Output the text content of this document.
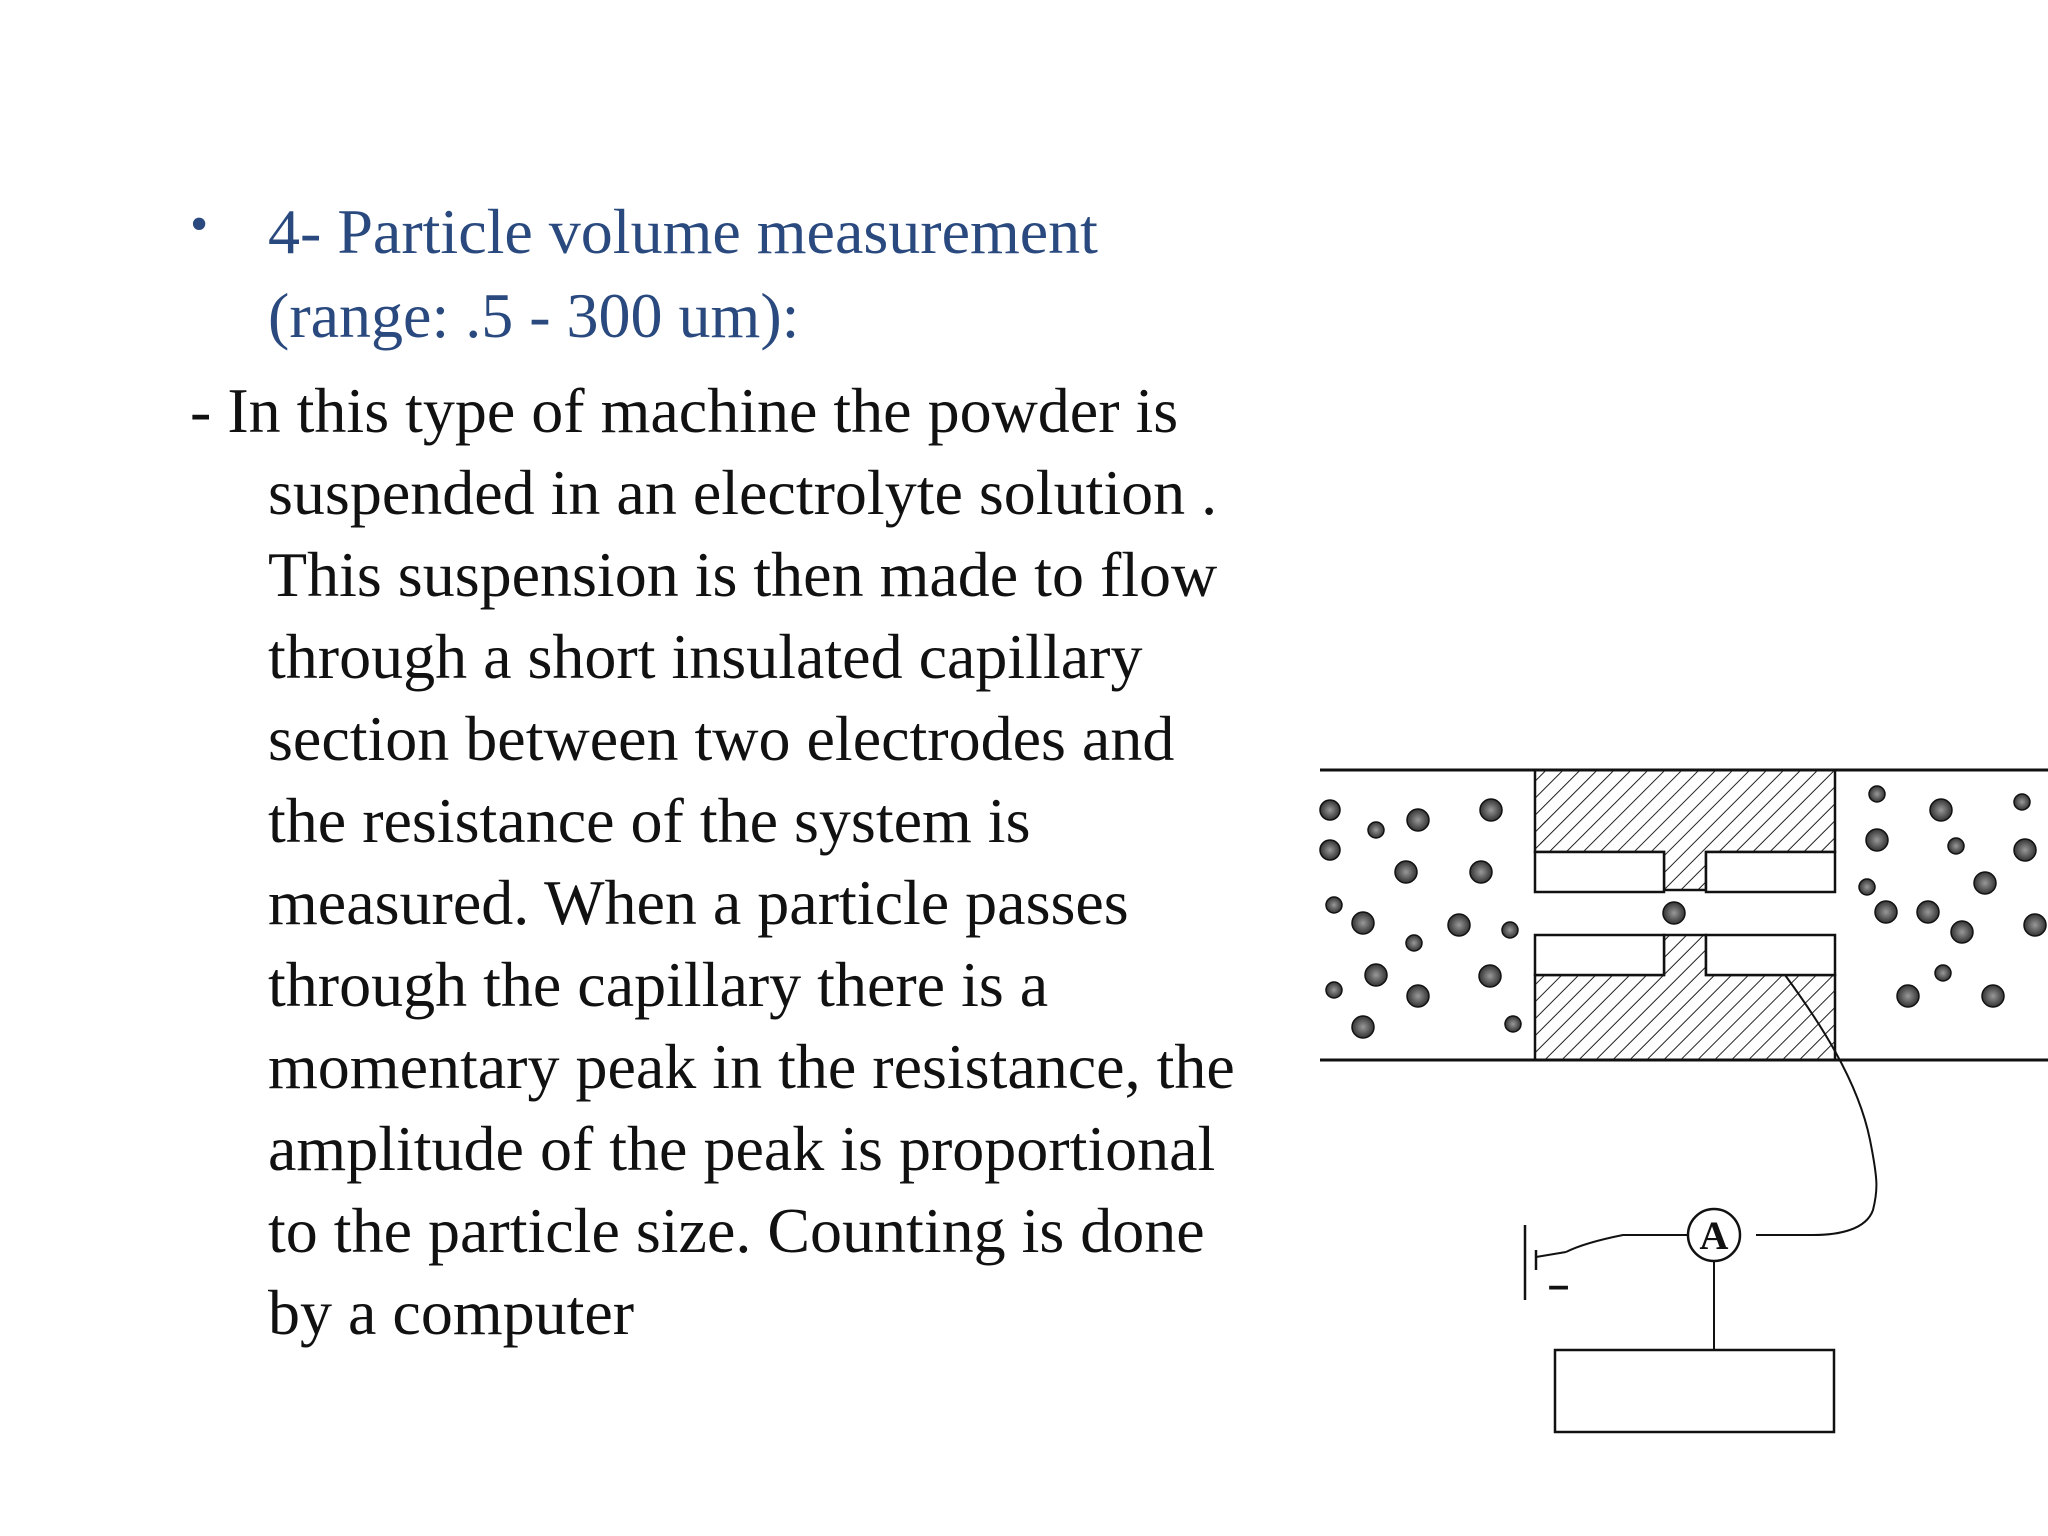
• 4- Particle volume measurement
(range: .5 - 300 um):
- In this type of machine the powder is
suspended in an electrolyte solution .
This suspension is then made to flow
through a short insulated capillary
section between two electrodes and
the resistance of the system is
measured. When a particle passes
through the capillary there is a
momentary peak in the resistance, the
amplitude of the peak is proportional
to the particle size. Counting is done
by a computer
A
–
